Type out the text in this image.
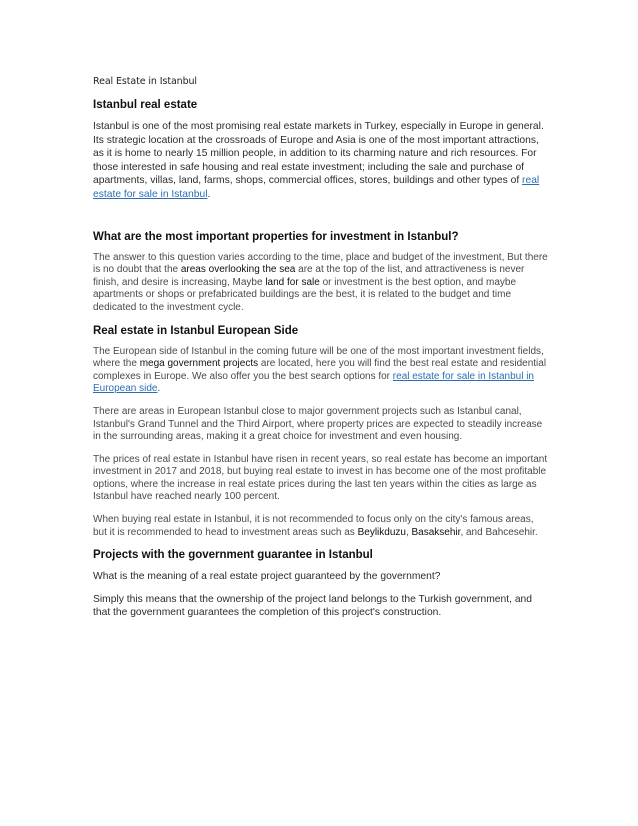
Real Estate in Istanbul
Istanbul real estate

Istanbul is one of the most promising real estate markets in Turkey, especially in Europe in general. Its strategic location at the crossroads of Europe and Asia is one of the most important attractions, as it is home to nearly 15 million people, in addition to its charming nature and rich resources. For those interested in safe housing and real estate investment; including the sale and purchase of apartments, villas, land, farms, shops, commercial offices, stores, buildings and other types of real estate for sale in Istanbul.

What are the most important properties for investment in Istanbul?

The answer to this question varies according to the time, place and budget of the investment, But there is no doubt that the areas overlooking the sea are at the top of the list, and attractiveness is never finish, and desire is increasing, Maybe land for sale or investment is the best option, and maybe apartments or shops or prefabricated buildings are the best, it is related to the budget and time dedicated to the investment cycle.

Real estate in Istanbul European Side

The European side of Istanbul in the coming future will be one of the most important investment fields, where the mega government projects are located, here you will find the best real estate and residential complexes in Europe. We also offer you the best search options for real estate for sale in Istanbul in European side.

There are areas in European Istanbul close to major government projects such as Istanbul canal, Istanbul's Grand Tunnel and the Third Airport, where property prices are expected to steadily increase in the surrounding areas, making it a great choice for investment and even housing.

The prices of real estate in Istanbul have risen in recent years, so real estate has become an important investment in 2017 and 2018, but buying real estate to invest in has become one of the most profitable options, where the increase in real estate prices during the last ten years within the cities as large as Istanbul have reached nearly 100 percent.

When buying real estate in Istanbul, it is not recommended to focus only on the city's famous areas, but it is recommended to head to investment areas such as Beylikduzu, Basaksehir, and Bahcesehir.

Projects with the government guarantee in Istanbul

What is the meaning of a real estate project guaranteed by the government?

Simply this means that the ownership of the project land belongs to the Turkish government, and that the government guarantees the completion of this project's construction.
